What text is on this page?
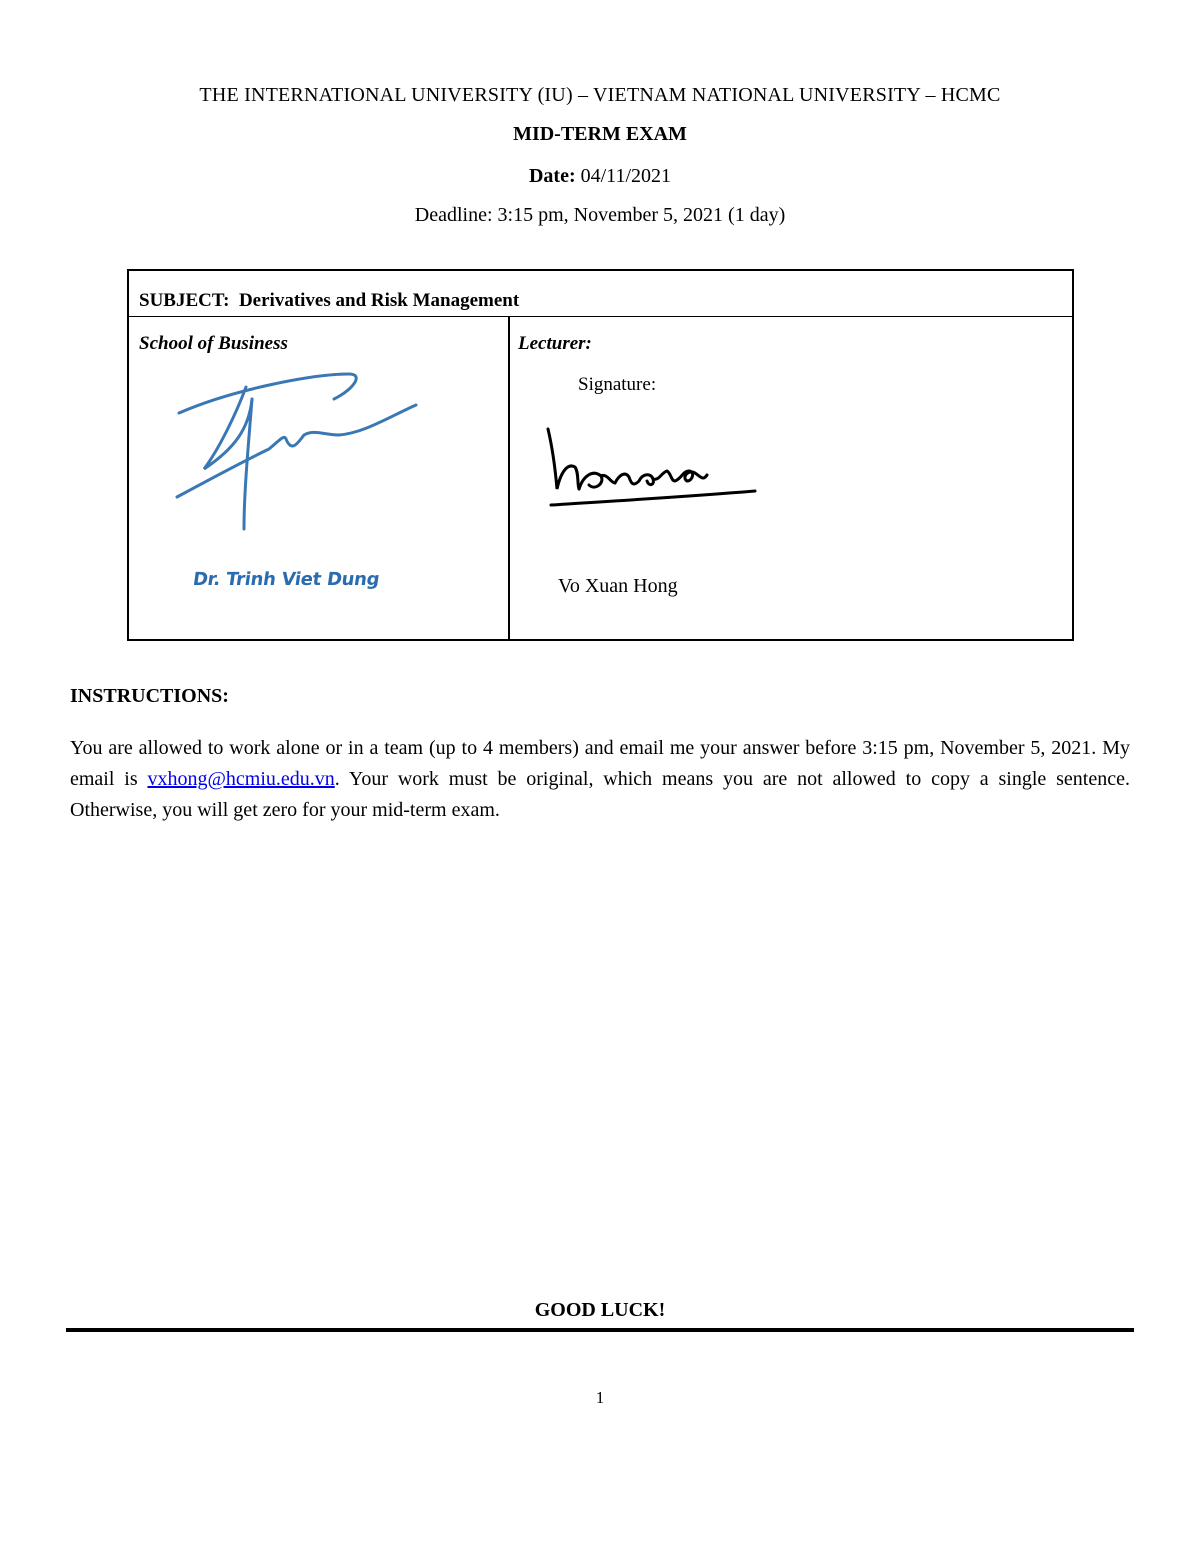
THE INTERNATIONAL UNIVERSITY (IU) – VIETNAM NATIONAL UNIVERSITY – HCMC
MID-TERM EXAM
Date: 04/11/2021
Deadline: 3:15 pm, November 5, 2021 (1 day)
SUBJECT: Derivatives and Risk Management
School of Business
Dr. Trinh Viet Dung
Lecturer:
Signature:
Vo Xuan Hong
INSTRUCTIONS:
You are allowed to work alone or in a team (up to 4 members) and email me your answer before 3:15 pm, November 5, 2021. My email is vxhong@hcmiu.edu.vn. Your work must be original, which means you are not allowed to copy a single sentence. Otherwise, you will get zero for your mid-term exam.
GOOD LUCK!
1
